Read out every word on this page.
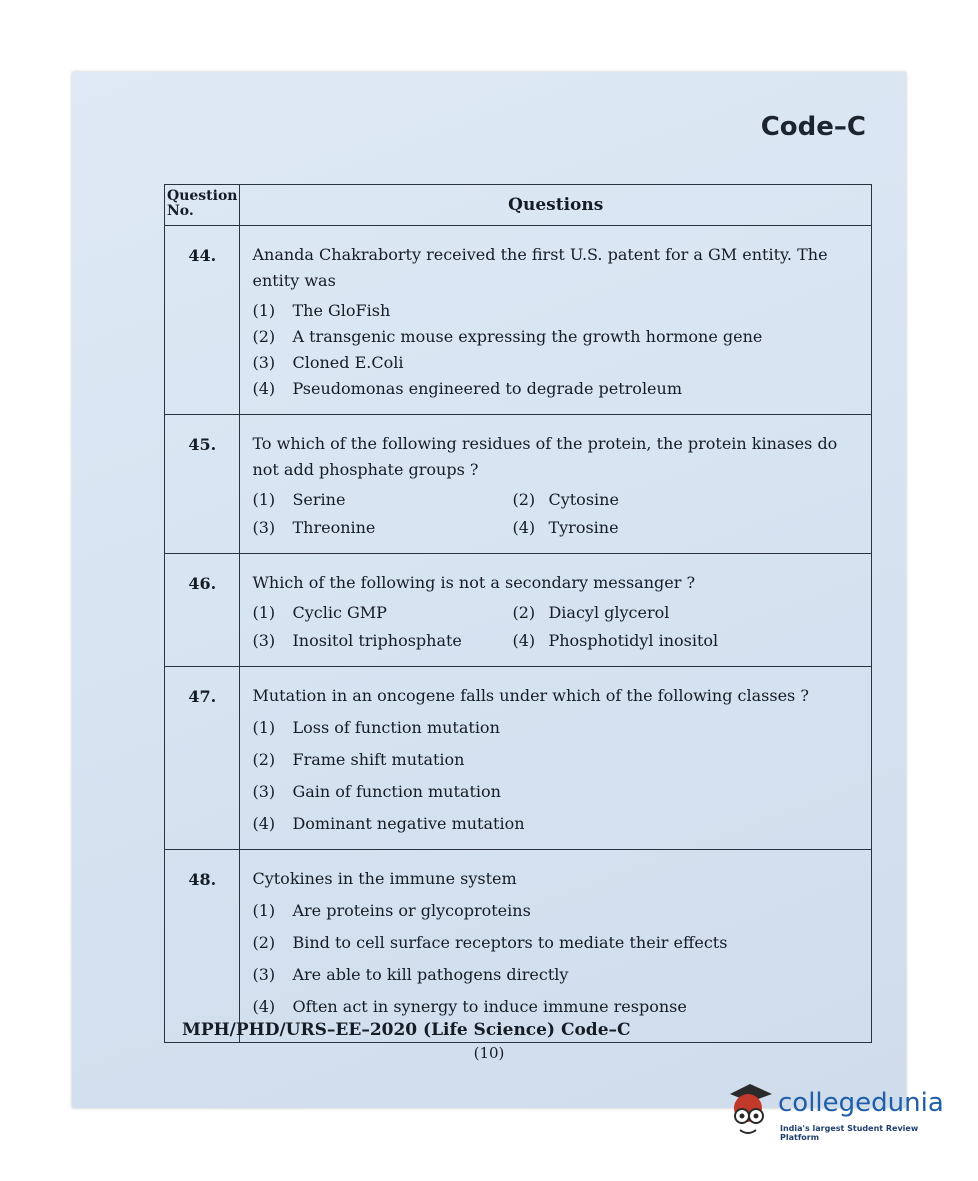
Code–C
Question No.	Questions
44.	Ananda Chakraborty received the first U.S. patent for a GM entity. The entity was
(1) The GloFish
(2) A transgenic mouse expressing the growth hormone gene
(3) Cloned E.Coli
(4) Pseudomonas engineered to degrade petroleum

45.	To which of the following residues of the protein, the protein kinases do not add phosphate groups ?
(1) Serine (2) Cytosine
(3) Threonine (4) Tyrosine

46.	Which of the following is not a secondary messanger ?
(1) Cyclic GMP (2) Diacyl glycerol
(3) Inositol triphosphate (4) Phosphotidyl inositol

47.	Mutation in an oncogene falls under which of the following classes ?
(1) Loss of function mutation
(2) Frame shift mutation
(3) Gain of function mutation
(4) Dominant negative mutation

48.	Cytokines in the immune system
(1) Are proteins or glycoproteins
(2) Bind to cell surface receptors to mediate their effects
(3) Are able to kill pathogens directly
(4) Often act in synergy to induce immune response
MPH/PHD/URS–EE–2020 (Life Science) Code–C
(10)
collegedunia
India's largest Student Review Platform
